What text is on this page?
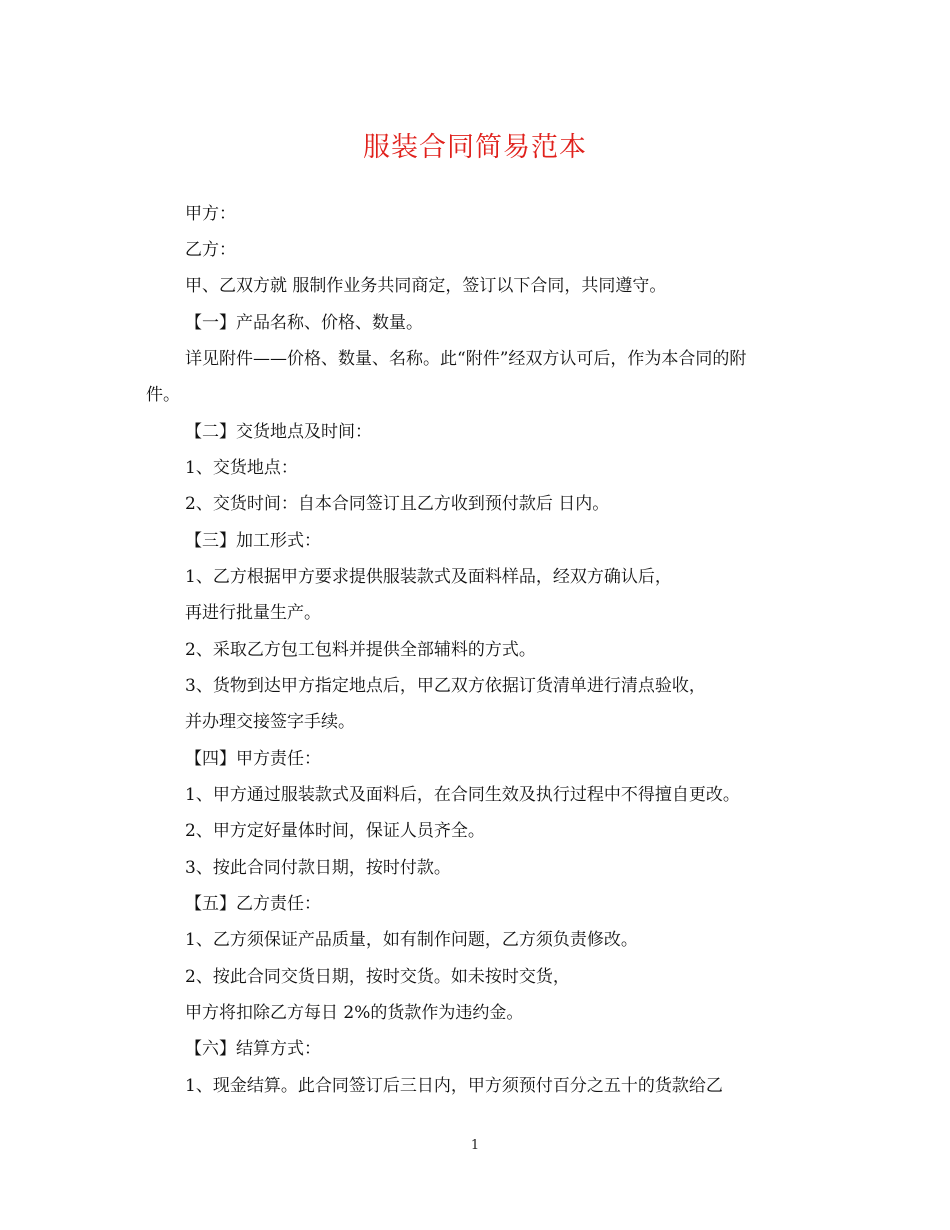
服装合同简易范本
甲方：
乙方：
甲、乙双方就 服制作业务共同商定，签订以下合同，共同遵守。
【一】产品名称、价格、数量。
详见附件——价格、数量、名称。此“附件”经双方认可后，作为本合同的附
件。
【二】交货地点及时间：
1、交货地点：
2、交货时间：自本合同签订且乙方收到预付款后 日内。
【三】加工形式：
1、乙方根据甲方要求提供服装款式及面料样品，经双方确认后，
再进行批量生产。
2、采取乙方包工包料并提供全部辅料的方式。
3、货物到达甲方指定地点后，甲乙双方依据订货清单进行清点验收，
并办理交接签字手续。
【四】甲方责任：
1、甲方通过服装款式及面料后，在合同生效及执行过程中不得擅自更改。
2、甲方定好量体时间，保证人员齐全。
3、按此合同付款日期，按时付款。
【五】乙方责任：
1、乙方须保证产品质量，如有制作问题，乙方须负责修改。
2、按此合同交货日期，按时交货。如未按时交货，
甲方将扣除乙方每日 2%的货款作为违约金。
【六】结算方式：
1、现金结算。此合同签订后三日内，甲方须预付百分之五十的货款给乙
1
